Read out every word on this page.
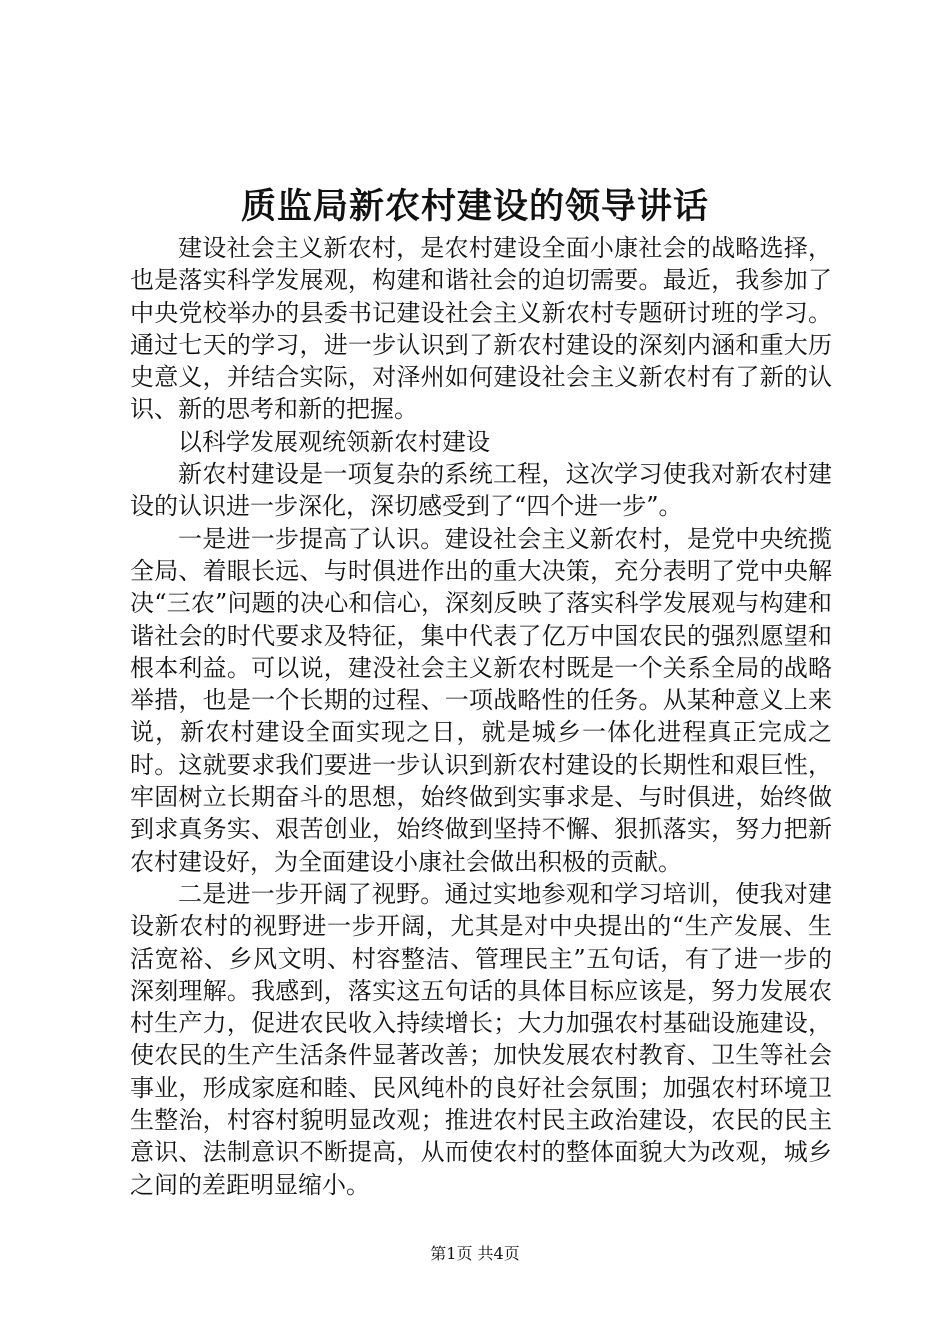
质监局新农村建设的领导讲话

建设社会主义新农村，是农村建设全面小康社会的战略选择，也是落实科学发展观，构建和谐社会的迫切需要。最近，我参加了中央党校举办的县委书记建设社会主义新农村专题研讨班的学习。通过七天的学习，进一步认识到了新农村建设的深刻内涵和重大历史意义，并结合实际，对泽州如何建设社会主义新农村有了新的认识、新的思考和新的把握。

以科学发展观统领新农村建设

新农村建设是一项复杂的系统工程，这次学习使我对新农村建设的认识进一步深化，深切感受到了“四个进一步”。

一是进一步提高了认识。建设社会主义新农村，是党中央统揽全局、着眼长远、与时俱进作出的重大决策，充分表明了党中央解决“三农”问题的决心和信心，深刻反映了落实科学发展观与构建和谐社会的时代要求及特征，集中代表了亿万中国农民的强烈愿望和根本利益。可以说，建没社会主义新农村既是一个关系全局的战略举措，也是一个长期的过程、一项战略性的任务。从某种意义上来说，新农村建设全面实现之日，就是城乡一体化进程真正完成之时。这就要求我们要进一步认识到新农村建设的长期性和艰巨性，牢固树立长期奋斗的思想，始终做到实事求是、与时俱进，始终做到求真务实、艰苦创业，始终做到坚持不懈、狠抓落实，努力把新农村建设好，为全面建设小康社会做出积极的贡献。

二是进一步开阔了视野。通过实地参观和学习培训，使我对建设新农村的视野进一步开阔，尤其是对中央提出的“生产发展、生活宽裕、乡风文明、村容整洁、管理民主”五句话，有了进一步的深刻理解。我感到，落实这五句话的具体目标应该是，努力发展农村生产力，促进农民收入持续增长；大力加强农村基础设施建设，使农民的生产生活条件显著改善；加快发展农村教育、卫生等社会事业，形成家庭和睦、民风纯朴的良好社会氛围；加强农村环境卫生整治，村容村貌明显改观；推进农村民主政治建设，农民的民主意识、法制意识不断提高，从而使农村的整体面貌大为改观，城乡之间的差距明显缩小。

第1页 共4页
